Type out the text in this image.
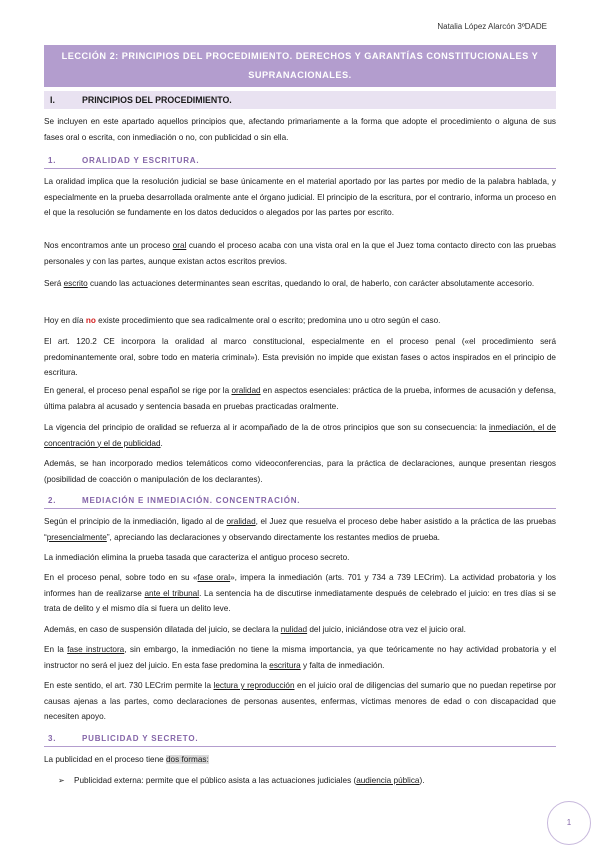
Natalia López Alarcón 3ºDADE
LECCIÓN 2: PRINCIPIOS DEL PROCEDIMIENTO. DERECHOS Y GARANTÍAS CONSTITUCIONALES Y
SUPRANACIONALES.
I.	PRINCIPIOS DEL PROCEDIMIENTO.

Se incluyen en este apartado aquellos principios que, afectando primariamente a la forma que adopte el procedimiento o alguna de sus fases oral o escrita, con inmediación o no, con publicidad o sin ella.

1.	ORALIDAD Y ESCRITURA.

La oralidad implica que la resolución judicial se base únicamente en el material aportado por las partes por medio de la palabra hablada, y especialmente en la prueba desarrollada oralmente ante el órgano judicial. El principio de la escritura, por el contrario, informa un proceso en el que la resolución se fundamente en los datos deducidos o alegados por las partes por escrito.

Nos encontramos ante un proceso oral cuando el proceso acaba con una vista oral en la que el Juez toma contacto directo con las pruebas personales y con las partes, aunque existan actos escritos previos.

Será escrito cuando las actuaciones determinantes sean escritas, quedando lo oral, de haberlo, con carácter absolutamente accesorio.

Hoy en día no existe procedimiento que sea radicalmente oral o escrito; predomina uno u otro según el caso.

El art. 120.2 CE incorpora la oralidad al marco constitucional, especialmente en el proceso penal («el procedimiento será predominantemente oral, sobre todo en materia criminal»). Esta previsión no impide que existan fases o actos inspirados en el principio de escritura.

En general, el proceso penal español se rige por la oralidad en aspectos esenciales: práctica de la prueba, informes de acusación y defensa, última palabra al acusado y sentencia basada en pruebas practicadas oralmente.

La vigencia del principio de oralidad se refuerza al ir acompañado de la de otros principios que son su consecuencia: la inmediación, el de concentración y el de publicidad.

Además, se han incorporado medios telemáticos como videoconferencias, para la práctica de declaraciones, aunque presentan riesgos (posibilidad de coacción o manipulación de los declarantes).

2.	MEDIACIÓN E INMEDIACIÓN. CONCENTRACIÓN.

Según el principio de la inmediación, ligado al de oralidad, el Juez que resuelva el proceso debe haber asistido a la práctica de las pruebas “presencialmente”, apreciando las declaraciones y observando directamente los restantes medios de prueba.

La inmediación elimina la prueba tasada que caracteriza el antiguo proceso secreto.

En el proceso penal, sobre todo en su «fase oral», impera la inmediación (arts. 701 y 734 a 739 LECrim). La actividad probatoria y los informes han de realizarse ante el tribunal. La sentencia ha de discutirse inmediatamente después de celebrado el juicio: en tres días si se trata de delito y el mismo día si fuera un delito leve.

Además, en caso de suspensión dilatada del juicio, se declara la nulidad del juicio, iniciándose otra vez el juicio oral.

En la fase instructora, sin embargo, la inmediación no tiene la misma importancia, ya que teóricamente no hay actividad probatoria y el instructor no será el juez del juicio. En esta fase predomina la escritura y falta de inmediación.

En este sentido, el art. 730 LECrim permite la lectura y reproducción en el juicio oral de diligencias del sumario que no puedan repetirse por causas ajenas a las partes, como declaraciones de personas ausentes, enfermas, víctimas menores de edad o con discapacidad que necesiten apoyo.

3.	PUBLICIDAD Y SECRETO.

La publicidad en el proceso tiene dos formas:

➢ Publicidad externa: permite que el público asista a las actuaciones judiciales (audiencia pública).
1
